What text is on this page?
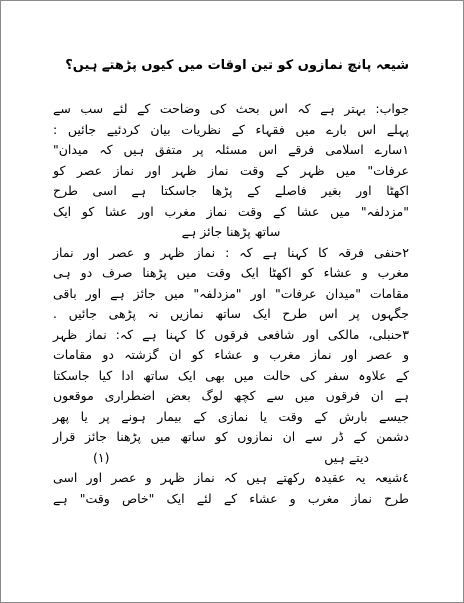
شیعہ پانچ نمازوں کو تین اوقات میں کیوں پڑھتے ہیں؟
جواب: بہتر ہے کہ اس بحث کی وضاحت کے لئے سب سے
پہلے اس بارے میں فقہاء کے نظریات بیان کردئیے جائیں :
١سارے اسلامی فرقے اس مسئلہ پر متفق ہیں کہ میدان"
عرفات" میں ظہر کے وقت نماز ظہر اور نماز عصر کو
اکھٹا اور بغیر فاصلے کے پڑھا جاسکتا ہے اسی طرح
"مزدلفہ" میں عشا کے وقت نماز مغرب اور عشا کو ایک
ساتھ پڑھنا جائز ہے
٢حنفی فرقہ کا کہنا ہے کہ : نماز ظہر و عصر اور نماز
مغرب و عشاء کو اکھٹا ایک وقت میں پڑھنا صرف دو ہی
مقامات "میدان عرفات" اور "مزدلفہ" میں جائز ہے اور باقی
جگہوں پر اس طرح ایک ساتھ نمازیں نہ پڑھی جائیں .
٣حنبلی، مالکی اور شافعی فرقوں کا کہنا ہے کہ: نماز ظہر
و عصر اور نماز مغرب و عشاء کو ان گزشتہ دو مقامات
کے علاوہ سفر کی حالت میں بھی ایک ساتھ ادا کیا جاسکتا
ہے ان فرقوں میں سے کچھ لوگ بعض اضطراری موقعوں
جیسے بارش کے وقت یا نمازی کے بیمار ہونے پر یا پھر
دشمن کے ڈر سے ان نمازوں کو ساتھ میں پڑھنا جائز قرار
دیتے ہیں
(١)
٤شیعہ یہ عقیدہ رکھتے ہیں کہ نماز ظہر و عصر اور اسی
طرح نماز مغرب و عشاء کے لئے ایک "خاص وقت" ہے
